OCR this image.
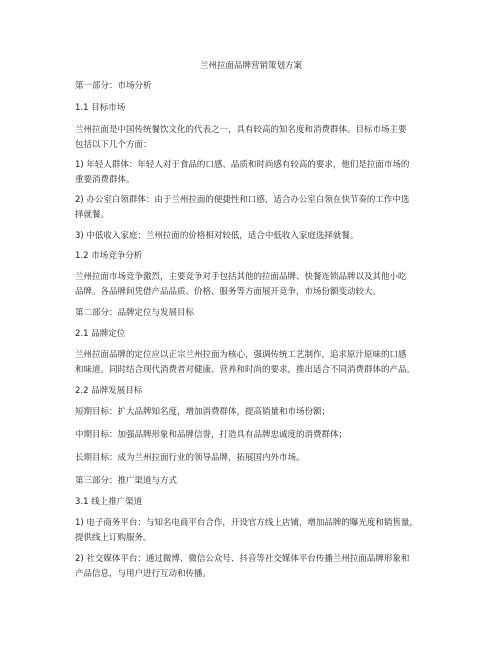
兰州拉面品牌营销策划方案
第一部分：市场分析
1.1 目标市场
兰州拉面是中国传统餐饮文化的代表之一，具有较高的知名度和消费群体。目标市场主要
包括以下几个方面：
1) 年轻人群体：年轻人对于食品的口感、品质和时尚感有较高的要求，他们是拉面市场的
重要消费群体。
2) 办公室白领群体：由于兰州拉面的便捷性和口感，适合办公室白领在快节奏的工作中选
择就餐。
3) 中低收入家庭：兰州拉面的价格相对较低，适合中低收入家庭选择就餐。
1.2 市场竞争分析
兰州拉面市场竞争激烈，主要竞争对手包括其他的拉面品牌、快餐连锁品牌以及其他小吃
品牌。各品牌间凭借产品品质、价格、服务等方面展开竞争，市场份额变动较大。
第二部分：品牌定位与发展目标
2.1 品牌定位
兰州拉面品牌的定位应以正宗兰州拉面为核心，强调传统工艺制作，追求原汁原味的口感
和味道。同时结合现代消费者对健康、营养和时尚的要求，推出适合不同消费群体的产品。
2.2 品牌发展目标
短期目标：扩大品牌知名度，增加消费群体，提高销量和市场份额；
中期目标：加强品牌形象和品牌信誉，打造具有品牌忠诚度的消费群体；
长期目标：成为兰州拉面行业的领导品牌，拓展国内外市场。
第三部分：推广渠道与方式
3.1 线上推广渠道
1) 电子商务平台：与知名电商平台合作，开设官方线上店铺，增加品牌的曝光度和销售量，
提供线上订购服务。
2) 社交媒体平台：通过微博、微信公众号、抖音等社交媒体平台传播兰州拉面品牌形象和
产品信息，与用户进行互动和传播。
